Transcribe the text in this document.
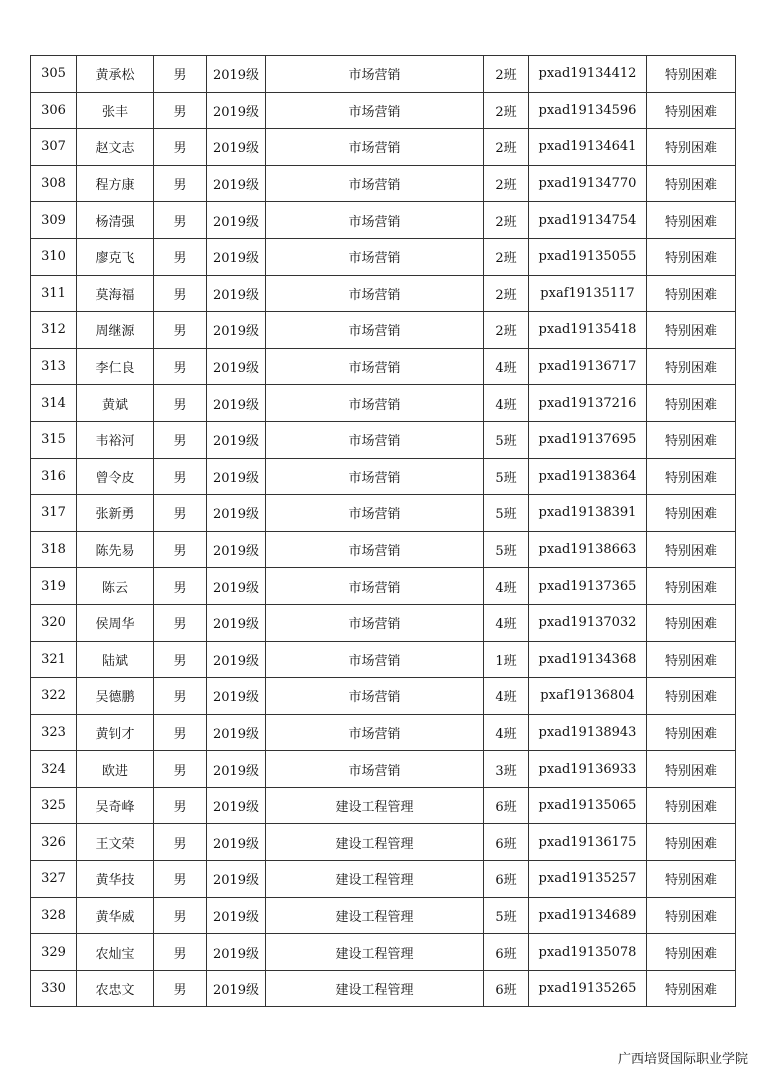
305	黄承松	男	2019级	市场营销	2班	pxad19134412	特别困难
306	张丰	男	2019级	市场营销	2班	pxad19134596	特别困难
307	赵文志	男	2019级	市场营销	2班	pxad19134641	特别困难
308	程方康	男	2019级	市场营销	2班	pxad19134770	特别困难
309	杨清强	男	2019级	市场营销	2班	pxad19134754	特别困难
310	廖克飞	男	2019级	市场营销	2班	pxad19135055	特别困难
311	莫海福	男	2019级	市场营销	2班	pxaf19135117	特别困难
312	周继源	男	2019级	市场营销	2班	pxad19135418	特别困难
313	李仁良	男	2019级	市场营销	4班	pxad19136717	特别困难
314	黄斌	男	2019级	市场营销	4班	pxad19137216	特别困难
315	韦裕河	男	2019级	市场营销	5班	pxad19137695	特别困难
316	曾令皮	男	2019级	市场营销	5班	pxad19138364	特别困难
317	张新勇	男	2019级	市场营销	5班	pxad19138391	特别困难
318	陈先易	男	2019级	市场营销	5班	pxad19138663	特别困难
319	陈云	男	2019级	市场营销	4班	pxad19137365	特别困难
320	侯周华	男	2019级	市场营销	4班	pxad19137032	特别困难
321	陆斌	男	2019级	市场营销	1班	pxad19134368	特别困难
322	吴德鹏	男	2019级	市场营销	4班	pxaf19136804	特别困难
323	黄钊才	男	2019级	市场营销	4班	pxad19138943	特别困难
324	欧进	男	2019级	市场营销	3班	pxad19136933	特别困难
325	吴奇峰	男	2019级	建设工程管理	6班	pxad19135065	特别困难
326	王文荣	男	2019级	建设工程管理	6班	pxad19136175	特别困难
327	黄华技	男	2019级	建设工程管理	6班	pxad19135257	特别困难
328	黄华威	男	2019级	建设工程管理	5班	pxad19134689	特别困难
329	农灿宝	男	2019级	建设工程管理	6班	pxad19135078	特别困难
330	农忠文	男	2019级	建设工程管理	6班	pxad19135265	特别困难
广西培贤国际职业学院
